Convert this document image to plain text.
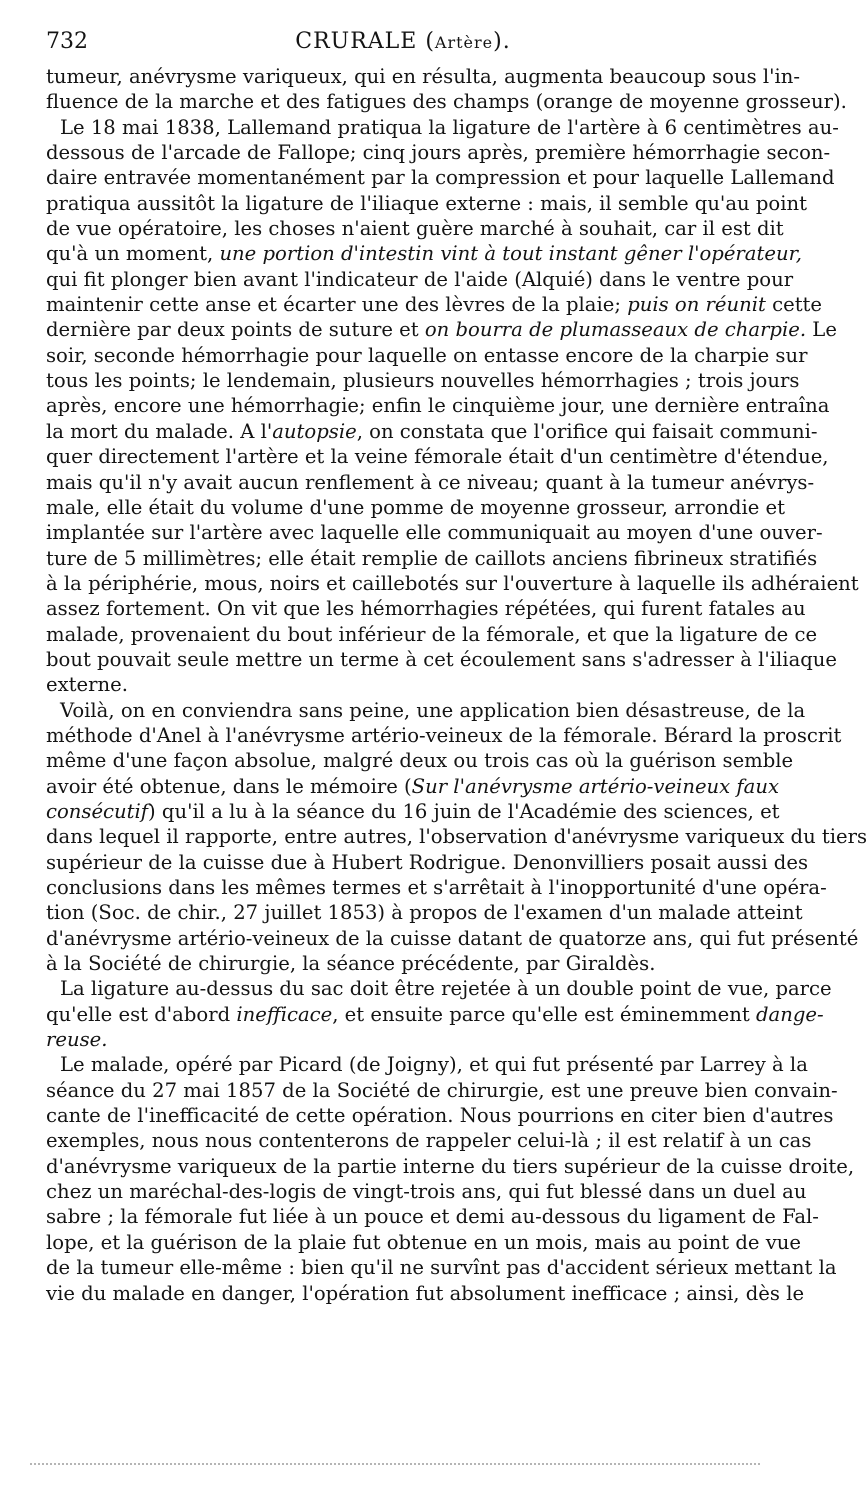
732	CRURALE (Artère).
tumeur, anévrysme variqueux, qui en résulta, augmenta beaucoup sous l'in-
fluence de la marche et des fatigues des champs (orange de moyenne grosseur).
Le 18 mai 1838, Lallemand pratiqua la ligature de l'artère à 6 centimètres au-
dessous de l'arcade de Fallope; cinq jours après, première hémorrhagie secon-
daire entravée momentanément par la compression et pour laquelle Lallemand
pratiqua aussitôt la ligature de l'iliaque externe : mais, il semble qu'au point
de vue opératoire, les choses n'aient guère marché à souhait, car il est dit
qu'à un moment, une portion d'intestin vint à tout instant gêner l'opérateur,
qui fit plonger bien avant l'indicateur de l'aide (Alquié) dans le ventre pour
maintenir cette anse et écarter une des lèvres de la plaie; puis on réunit cette
dernière par deux points de suture et on bourra de plumasseaux de charpie. Le
soir, seconde hémorrhagie pour laquelle on entasse encore de la charpie sur
tous les points; le lendemain, plusieurs nouvelles hémorrhagies ; trois jours
après, encore une hémorrhagie; enfin le cinquième jour, une dernière entraîna
la mort du malade. A l'autopsie, on constata que l'orifice qui faisait communi-
quer directement l'artère et la veine fémorale était d'un centimètre d'étendue,
mais qu'il n'y avait aucun renflement à ce niveau; quant à la tumeur anévrys-
male, elle était du volume d'une pomme de moyenne grosseur, arrondie et
implantée sur l'artère avec laquelle elle communiquait au moyen d'une ouver-
ture de 5 millimètres; elle était remplie de caillots anciens fibrineux stratifiés
à la périphérie, mous, noirs et caillebotés sur l'ouverture à laquelle ils adhéraient
assez fortement. On vit que les hémorrhagies répétées, qui furent fatales au
malade, provenaient du bout inférieur de la fémorale, et que la ligature de ce
bout pouvait seule mettre un terme à cet écoulement sans s'adresser à l'iliaque
externe.
Voilà, on en conviendra sans peine, une application bien désastreuse, de la
méthode d'Anel à l'anévrysme artério-veineux de la fémorale. Bérard la proscrit
même d'une façon absolue, malgré deux ou trois cas où la guérison semble
avoir été obtenue, dans le mémoire (Sur l'anévrysme artério-veineux faux
consécutif) qu'il a lu à la séance du 16 juin de l'Académie des sciences, et
dans lequel il rapporte, entre autres, l'observation d'anévrysme variqueux du tiers
supérieur de la cuisse due à Hubert Rodrigue. Denonvilliers posait aussi des
conclusions dans les mêmes termes et s'arrêtait à l'inopportunité d'une opéra-
tion (Soc. de chir., 27 juillet 1853) à propos de l'examen d'un malade atteint
d'anévrysme artério-veineux de la cuisse datant de quatorze ans, qui fut présenté
à la Société de chirurgie, la séance précédente, par Giraldès.
La ligature au-dessus du sac doit être rejetée à un double point de vue, parce
qu'elle est d'abord inefficace, et ensuite parce qu'elle est éminemment dange-
reuse.
Le malade, opéré par Picard (de Joigny), et qui fut présenté par Larrey à la
séance du 27 mai 1857 de la Société de chirurgie, est une preuve bien convain-
cante de l'inefficacité de cette opération. Nous pourrions en citer bien d'autres
exemples, nous nous contenterons de rappeler celui-là ; il est relatif à un cas
d'anévrysme variqueux de la partie interne du tiers supérieur de la cuisse droite,
chez un maréchal-des-logis de vingt-trois ans, qui fut blessé dans un duel au
sabre ; la fémorale fut liée à un pouce et demi au-dessous du ligament de Fal-
lope, et la guérison de la plaie fut obtenue en un mois, mais au point de vue
de la tumeur elle-même : bien qu'il ne survînt pas d'accident sérieux mettant la
vie du malade en danger, l'opération fut absolument inefficace ; ainsi, dès le
